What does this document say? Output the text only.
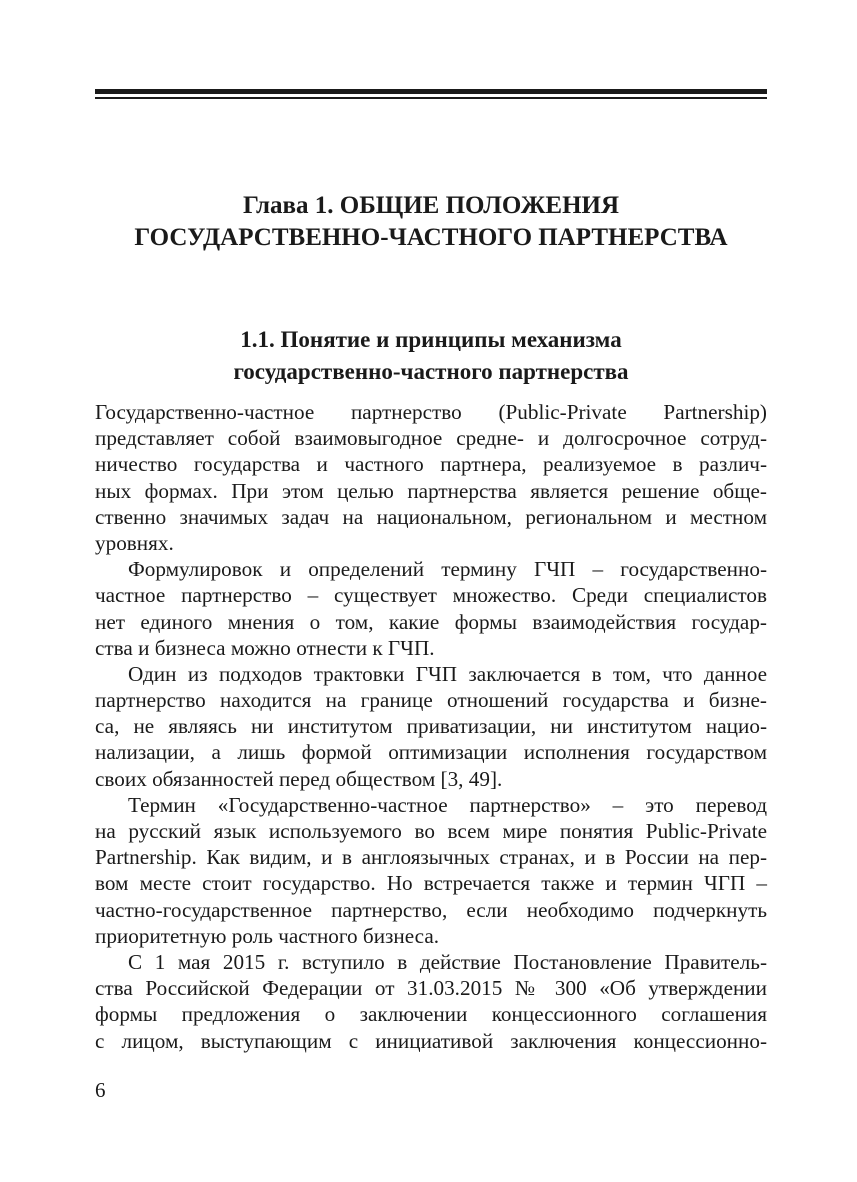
Глава 1. ОБЩИЕ ПОЛОЖЕНИЯ
ГОСУДАРСТВЕННО-ЧАСТНОГО ПАРТНЕРСТВА
1.1. Понятие и принципы механизма
государственно-частного партнерства
Государственно-частное партнерство (Public-Private Partnership)
представляет собой взаимовыгодное средне- и долгосрочное сотруд-
ничество государства и частного партнера, реализуемое в различ-
ных формах. При этом целью партнерства является решение обще-
ственно значимых задач на национальном, региональном и местном
уровнях.
Формулировок и определений термину ГЧП – государственно-
частное партнерство – существует множество. Среди специалистов
нет единого мнения о том, какие формы взаимодействия государ-
ства и бизнеса можно отнести к ГЧП.
Один из подходов трактовки ГЧП заключается в том, что данное
партнерство находится на границе отношений государства и бизне-
са, не являясь ни институтом приватизации, ни институтом нацио-
нализации, а лишь формой оптимизации исполнения государством
своих обязанностей перед обществом [3, 49].
Термин «Государственно-частное партнерство» – это перевод
на русский язык используемого во всем мире понятия Public-Private
Partnership. Как видим, и в англоязычных странах, и в России на пер-
вом месте стоит государство. Но встречается также и термин ЧГП –
частно-государственное партнерство, если необходимо подчеркнуть
приоритетную роль частного бизнеса.
С 1 мая 2015 г. вступило в действие Постановление Правитель-
ства Российской Федерации от 31.03.2015 № 300 «Об утверждении
формы предложения о заключении концессионного соглашения
с лицом, выступающим с инициативой заключения концессионно-
6
